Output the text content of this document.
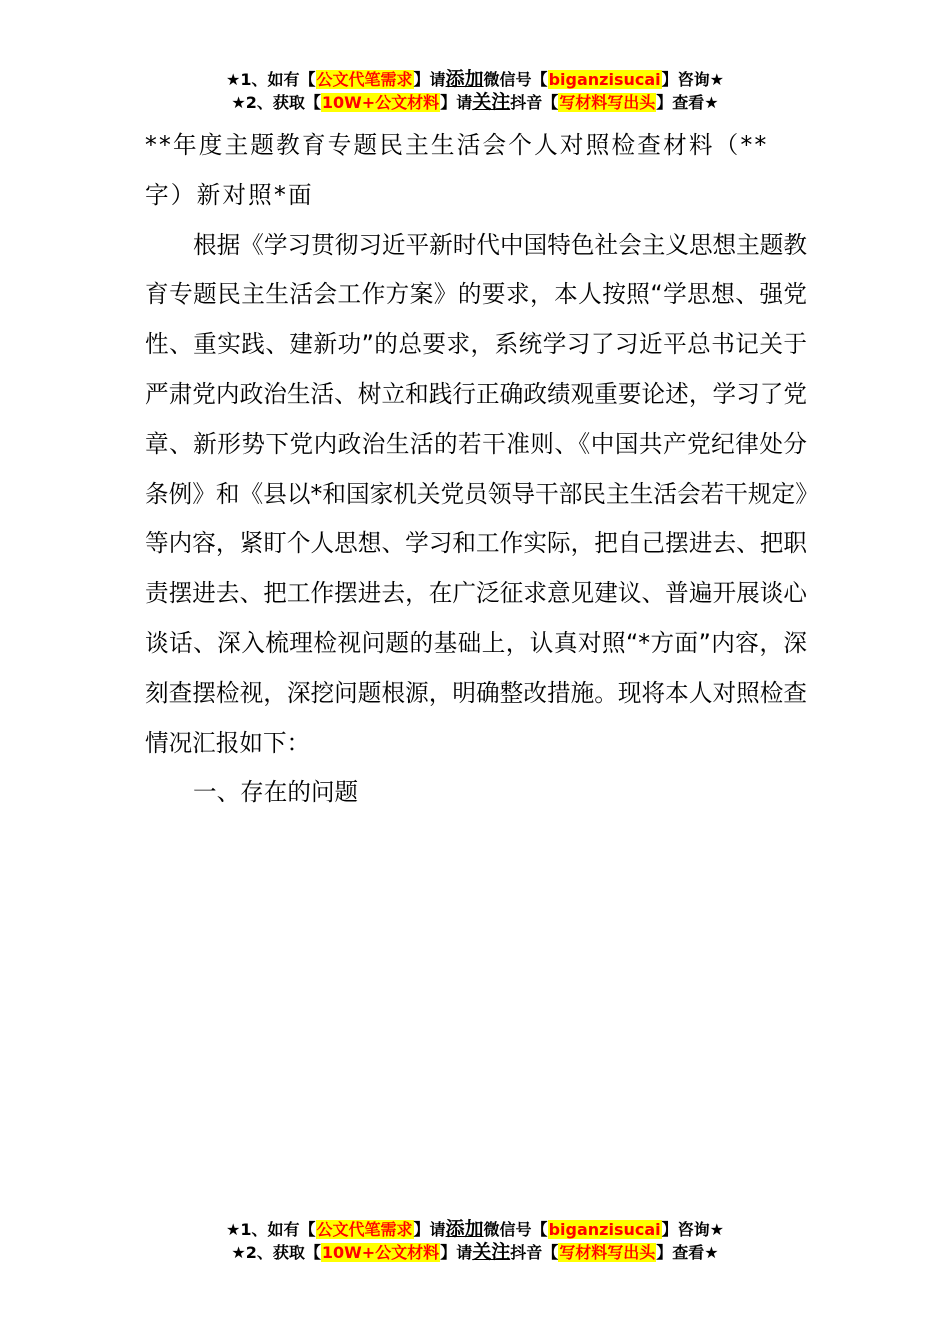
★1、如有【公文代笔需求】请添加微信号【biganzisucai】咨询★
★2、获取【10W+公文材料】请关注抖音【写材料写出头】查看★

**年度主题教育专题民主生活会个人对照检查材料（**字）新对照*面

根据《学习贯彻习近平新时代中国特色社会主义思想主题教育专题民主生活会工作方案》的要求，本人按照“学思想、强党性、重实践、建新功”的总要求，系统学习了习近平总书记关于严肃党内政治生活、树立和践行正确政绩观重要论述，学习了党章、新形势下党内政治生活的若干准则、《中国共产党纪律处分条例》和《县以*和国家机关党员领导干部民主生活会若干规定》等内容，紧盯个人思想、学习和工作实际，把自己摆进去、把职责摆进去、把工作摆进去，在广泛征求意见建议、普遍开展谈心谈话、深入梳理检视问题的基础上，认真对照“*方面”内容，深刻查摆检视，深挖问题根源，明确整改措施。现将本人对照检查情况汇报如下：

一、存在的问题

★1、如有【公文代笔需求】请添加微信号【biganzisucai】咨询★
★2、获取【10W+公文材料】请关注抖音【写材料写出头】查看★
